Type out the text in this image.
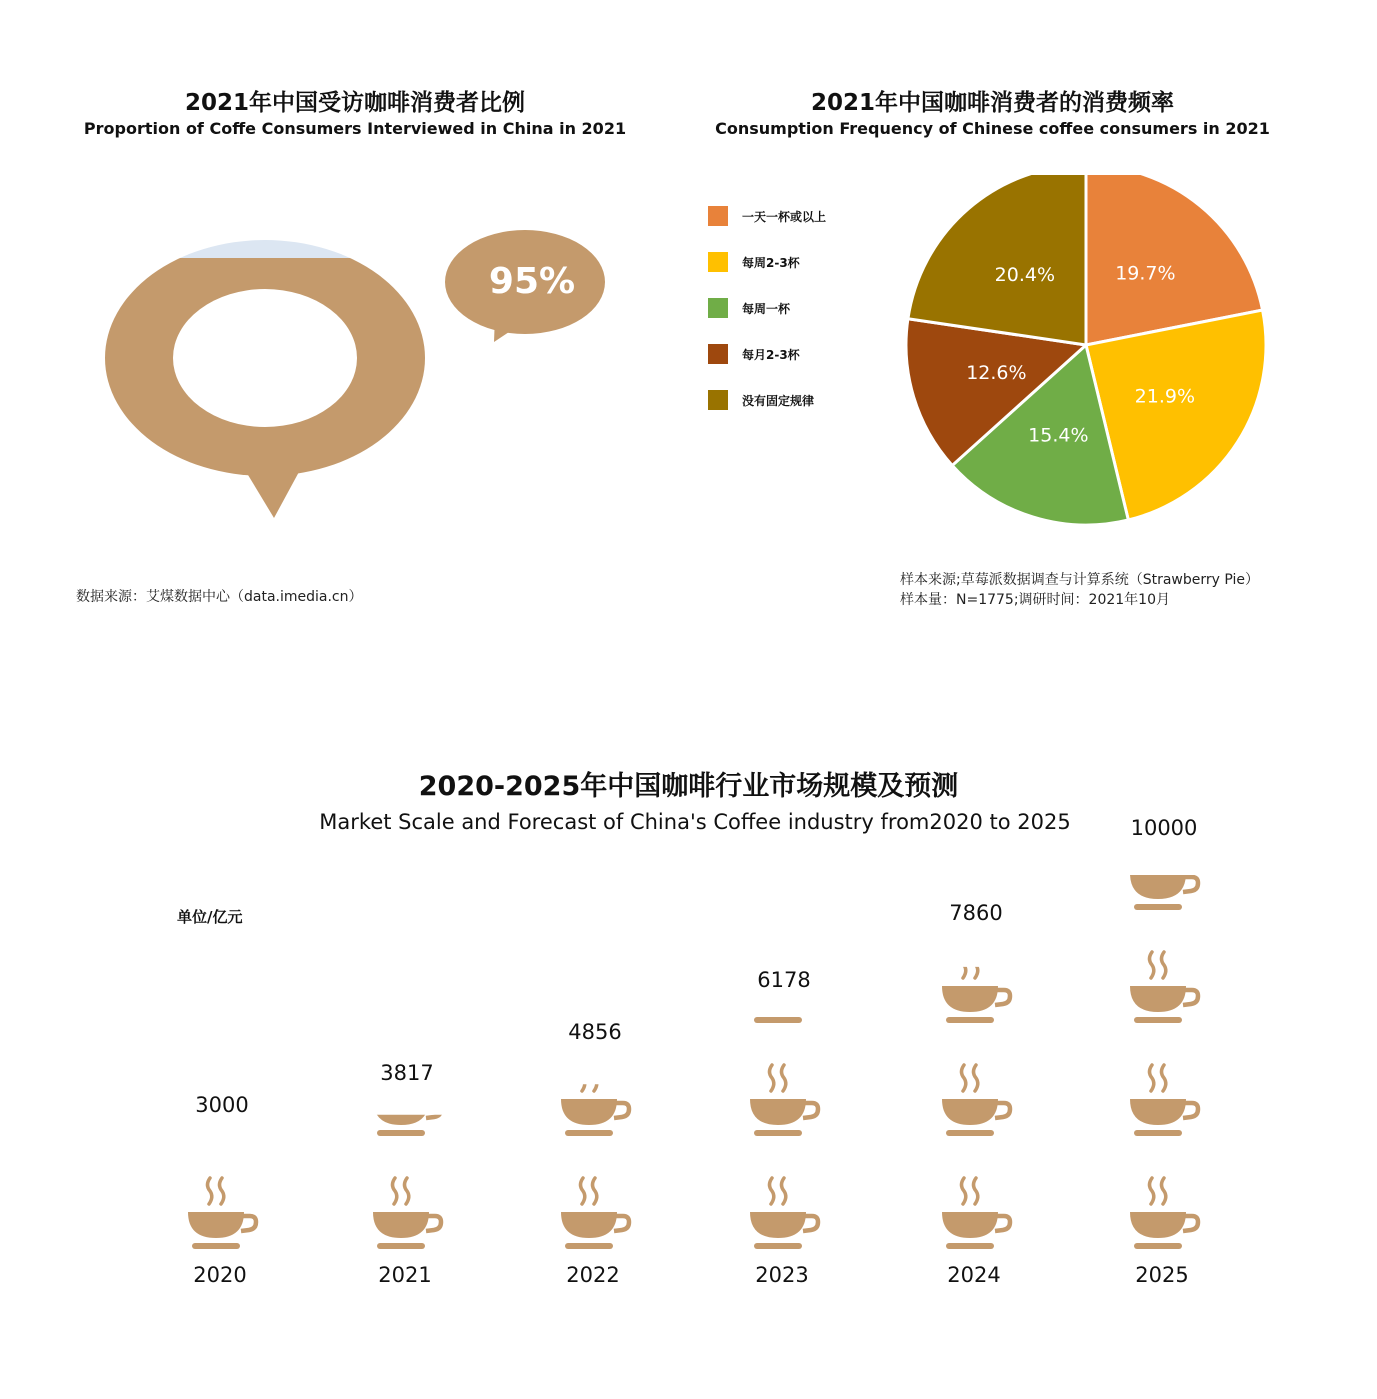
2021年中国受访咖啡消费者比例
Proportion of Coffe Consumers Interviewed in China in 2021
95%
数据来源：艾煤数据中心（data.imedia.cn）
2021年中国咖啡消费者的消费频率
Consumption Frequency of Chinese coffee consumers in 2021
一天一杯或以上
每周2-3杯
每周一杯
每月2-3杯
没有固定规律
19.7%
21.9%
15.4%
12.6%
20.4%
样本来源;草莓派数据调查与计算系统（Strawberry Pie）
样本量：N=1775;调研时间：2021年10月
2020-2025年中国咖啡行业市场规模及预测
Market Scale and Forecast of China's Coffee industry from2020 to 2025
单位/亿元
3000
2020
3817
2021
4856
2022
6178
2023
7860
2024
10000
2025
